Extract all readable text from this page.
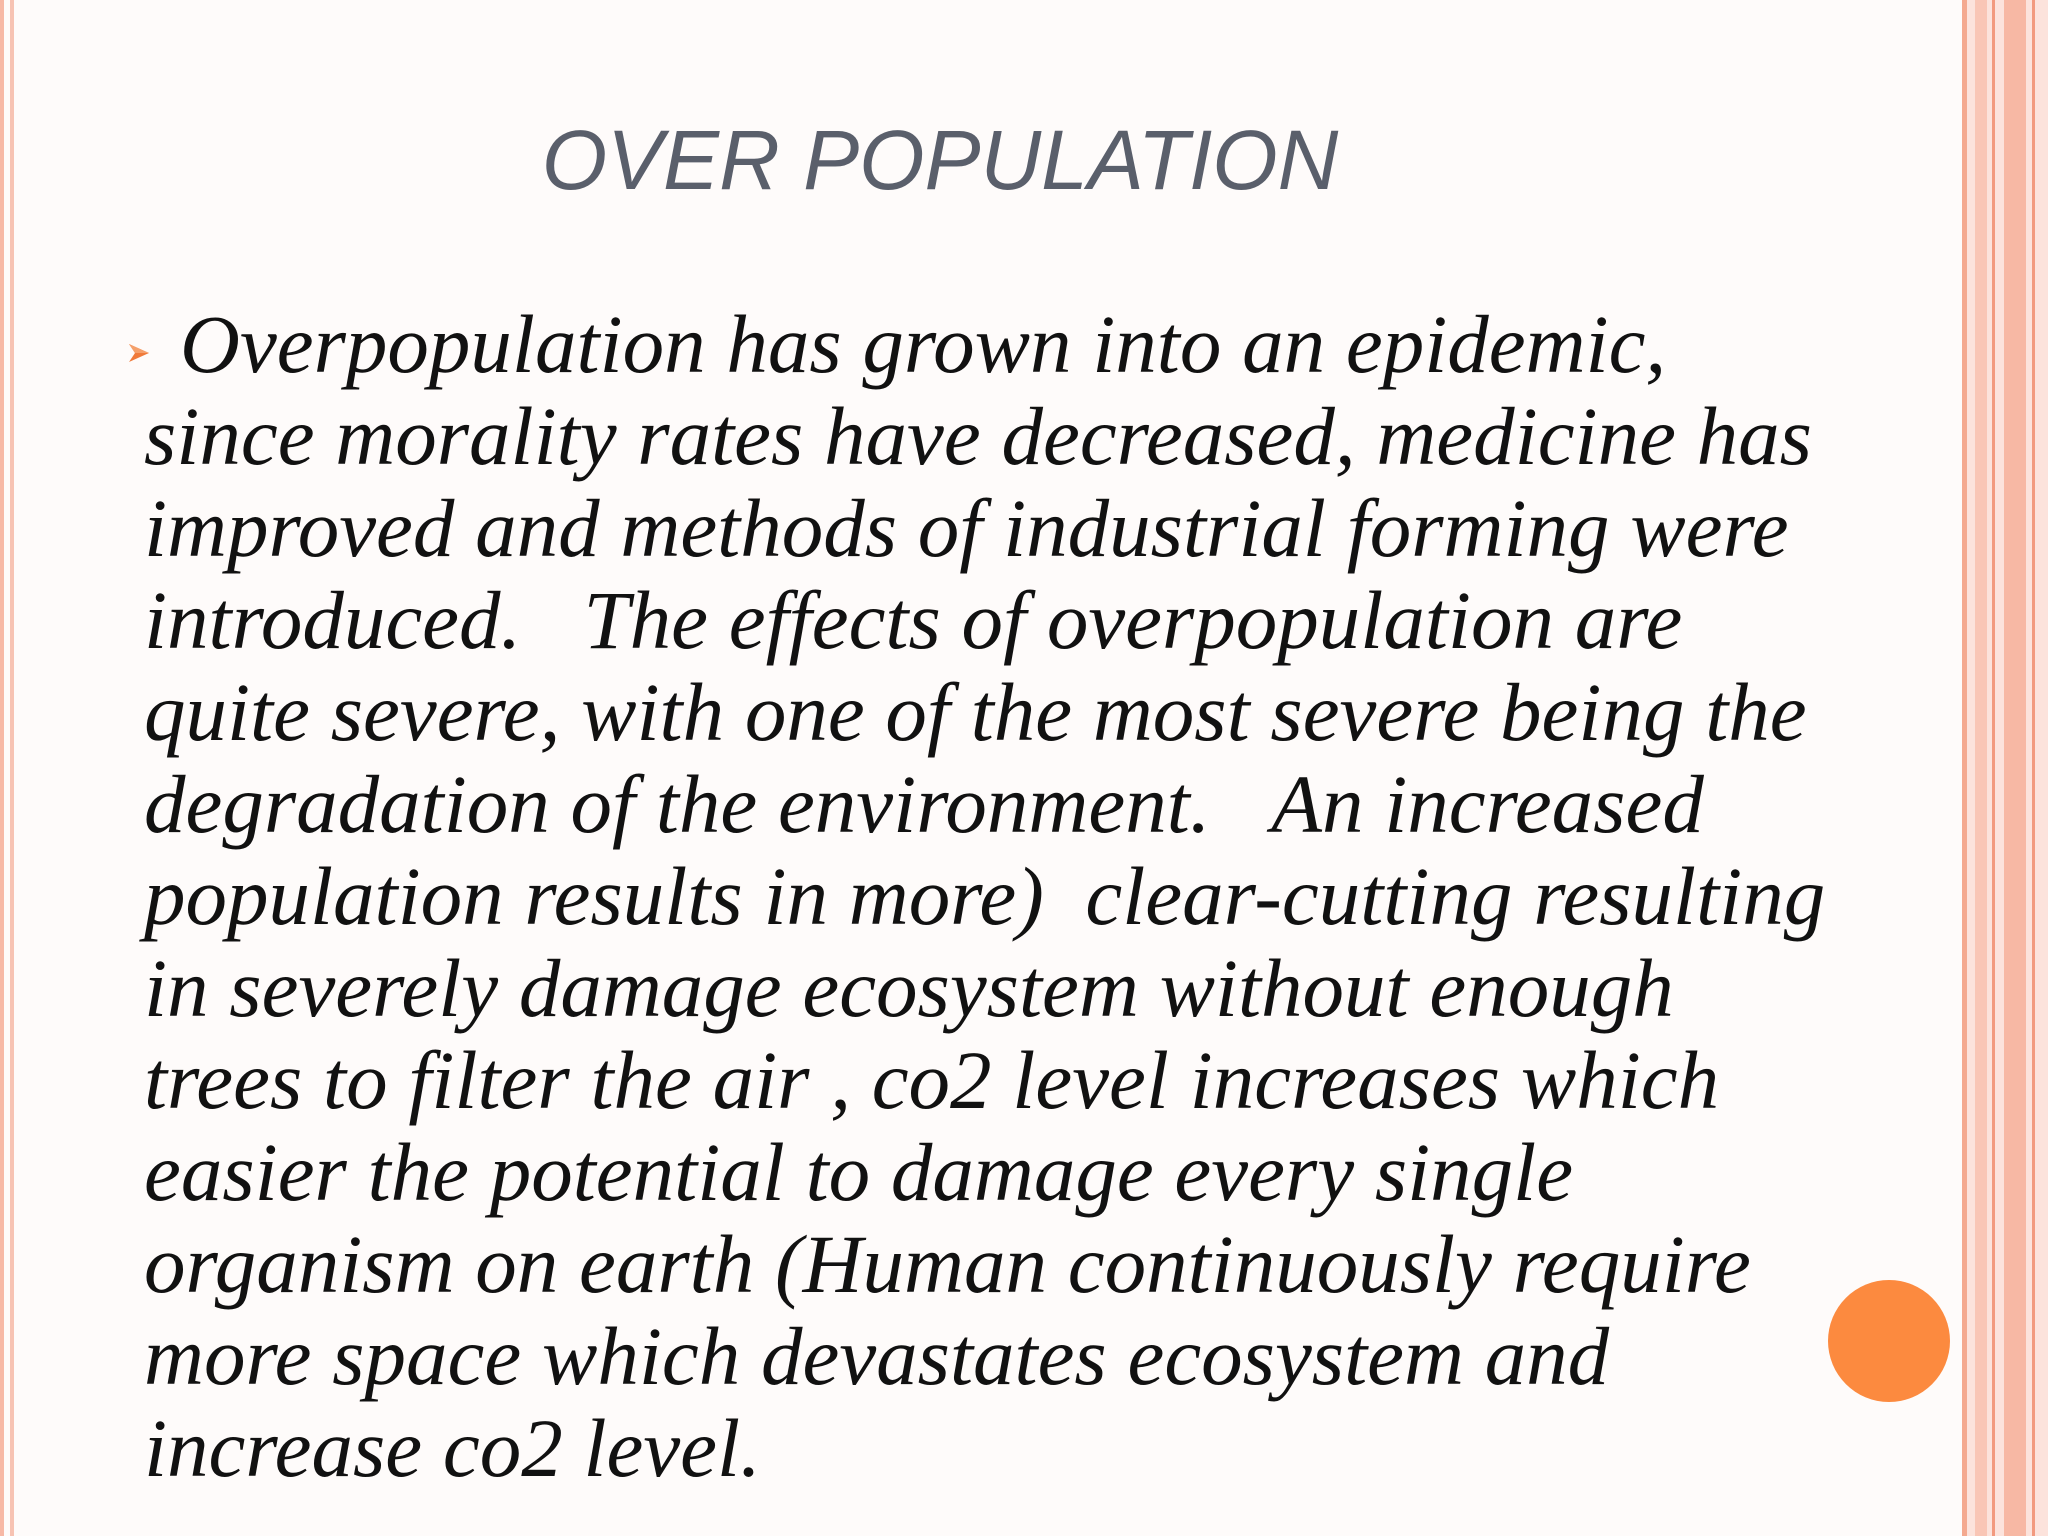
OVER POPULATION
Overpopulation has grown into an epidemic,
since morality rates have decreased, medicine has
improved and methods of industrial forming were
introduced.   The effects of overpopulation are
quite severe, with one of the most severe being the
degradation of the environment.   An increased
population results in more)  clear-cutting resulting
in severely damage ecosystem without enough
trees to filter the air , co2 level increases which
easier the potential to damage every single
organism on earth (Human continuously require
more space which devastates ecosystem and
increase co2 level.
